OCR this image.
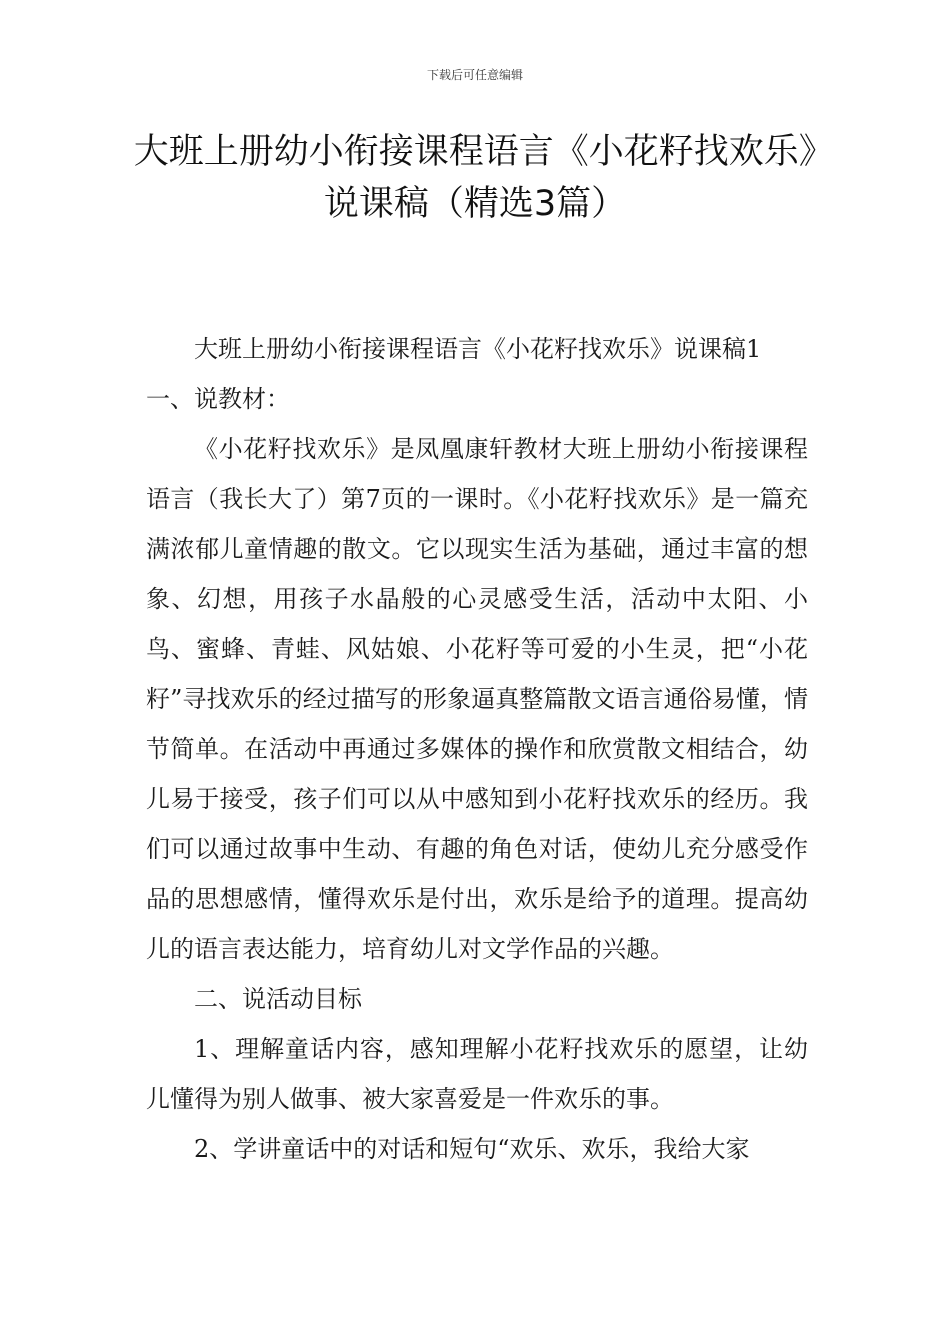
下载后可任意编辑
大班上册幼小衔接课程语言《小花籽找欢乐》说课稿（精选3篇）

大班上册幼小衔接课程语言《小花籽找欢乐》说课稿1

一、说教材：

《小花籽找欢乐》是凤凰康轩教材大班上册幼小衔接课程语言（我长大了）第7页的一课时。《小花籽找欢乐》是一篇充满浓郁儿童情趣的散文。它以现实生活为基础，通过丰富的想象、幻想，用孩子水晶般的心灵感受生活，活动中太阳、小鸟、蜜蜂、青蛙、风姑娘、小花籽等可爱的小生灵，把“小花籽”寻找欢乐的经过描写的形象逼真整篇散文语言通俗易懂，情节简单。在活动中再通过多媒体的操作和欣赏散文相结合，幼儿易于接受，孩子们可以从中感知到小花籽找欢乐的经历。我们可以通过故事中生动、有趣的角色对话，使幼儿充分感受作品的思想感情，懂得欢乐是付出，欢乐是给予的道理。提高幼儿的语言表达能力，培育幼儿对文学作品的兴趣。

二、说活动目标

1、理解童话内容，感知理解小花籽找欢乐的愿望，让幼儿懂得为别人做事、被大家喜爱是一件欢乐的事。

2、学讲童话中的对话和短句“欢乐、欢乐，我给大家
